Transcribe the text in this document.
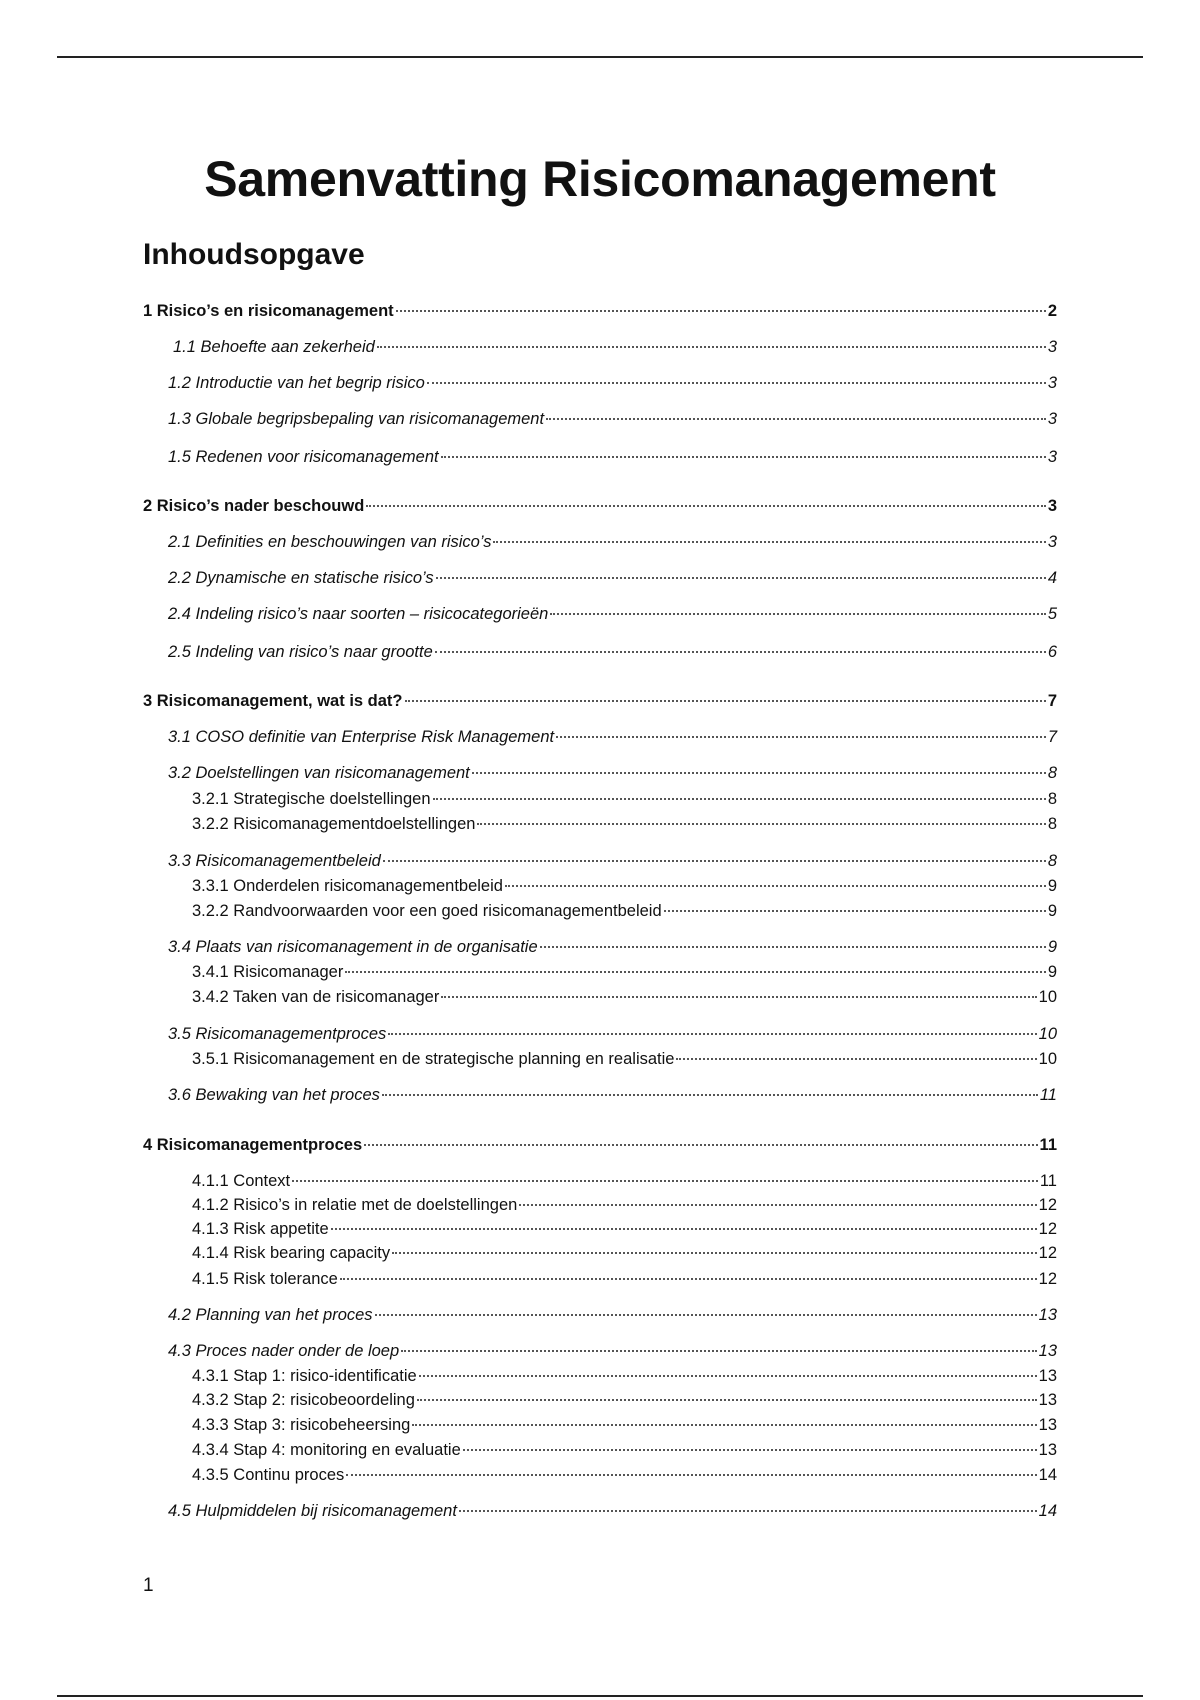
Samenvatting Risicomanagement
Inhoudsopgave
1 Risico’s en risicomanagement	2
1.1 Behoefte aan zekerheid	3
1.2 Introductie van het begrip risico	3
1.3 Globale begripsbepaling van risicomanagement	3
1.5 Redenen voor risicomanagement	3
2 Risico’s nader beschouwd	3
2.1 Definities en beschouwingen van risico’s	3
2.2 Dynamische en statische risico’s	4
2.4 Indeling risico’s naar soorten – risicocategorieën	5
2.5 Indeling van risico’s naar grootte	6
3 Risicomanagement, wat is dat?	7
3.1 COSO definitie van Enterprise Risk Management	7
3.2 Doelstellingen van risicomanagement	8
3.2.1 Strategische doelstellingen	8
3.2.2 Risicomanagementdoelstellingen	8
3.3 Risicomanagementbeleid	8
3.3.1 Onderdelen risicomanagementbeleid	9
3.2.2 Randvoorwaarden voor een goed risicomanagementbeleid	9
3.4 Plaats van risicomanagement in de organisatie	9
3.4.1 Risicomanager	9
3.4.2 Taken van de risicomanager	10
3.5 Risicomanagementproces	10
3.5.1 Risicomanagement en de strategische planning en realisatie	10
3.6 Bewaking van het proces	11
4 Risicomanagementproces	11
4.1.1 Context	11
4.1.2 Risico’s in relatie met de doelstellingen	12
4.1.3 Risk appetite	12
4.1.4 Risk bearing capacity	12
4.1.5 Risk tolerance	12
4.2 Planning van het proces	13
4.3 Proces nader onder de loep	13
4.3.1 Stap 1: risico-identificatie	13
4.3.2 Stap 2: risicobeoordeling	13
4.3.3 Stap 3: risicobeheersing	13
4.3.4 Stap 4: monitoring en evaluatie	13
4.3.5 Continu proces	14
4.5 Hulpmiddelen bij risicomanagement	14
1
